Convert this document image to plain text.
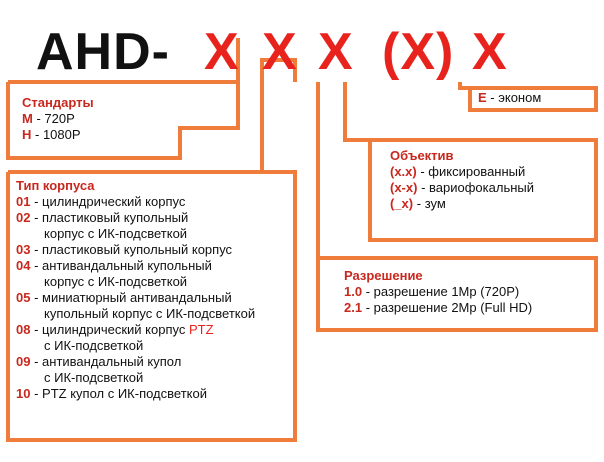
AHD- X X X (X) X
Стандарты
M - 720P
H - 1080P
Тип корпуса
01 - цилиндрический корпус
02 - пластиковый купольный
корпус с ИК-подсветкой
03 - пластиковый купольный корпус
04 - антивандальный купольный
корпус с ИК-подсветкой
05 - миниатюрный антивандальный
купольный корпус с ИК-подсветкой
08 - цилиндрический корпус PTZ
с ИК-подсветкой
09 - антивандальный купол
с ИК-подсветкой
10 - PTZ купол с ИК-подсветкой
E - эконом
Объектив
(x.x) - фиксированный
(x-x) - вариофокальный
(_x) - зум
Разрешение
1.0 - разрешение 1Mp (720P)
2.1 - разрешение 2Mp (Full HD)
